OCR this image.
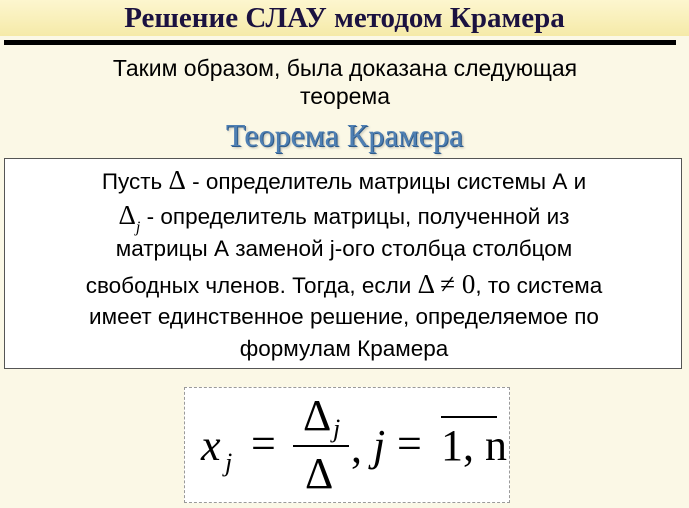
Решение СЛАУ методом Крамера
Таким образом, была доказана следующая
теорема
Теорема Крамера
Пусть Δ - определитель матрицы системы А и
$\Delta_j$ - определитель матрицы, полученной из
матрицы А заменой j-ого столбца столбцом
свободных членов. Тогда, если Δ ≠ 0, то система
имеет единственное решение, определяемое по
формулам Крамера
x j =
Δ j
Δ
, j = 1, n
